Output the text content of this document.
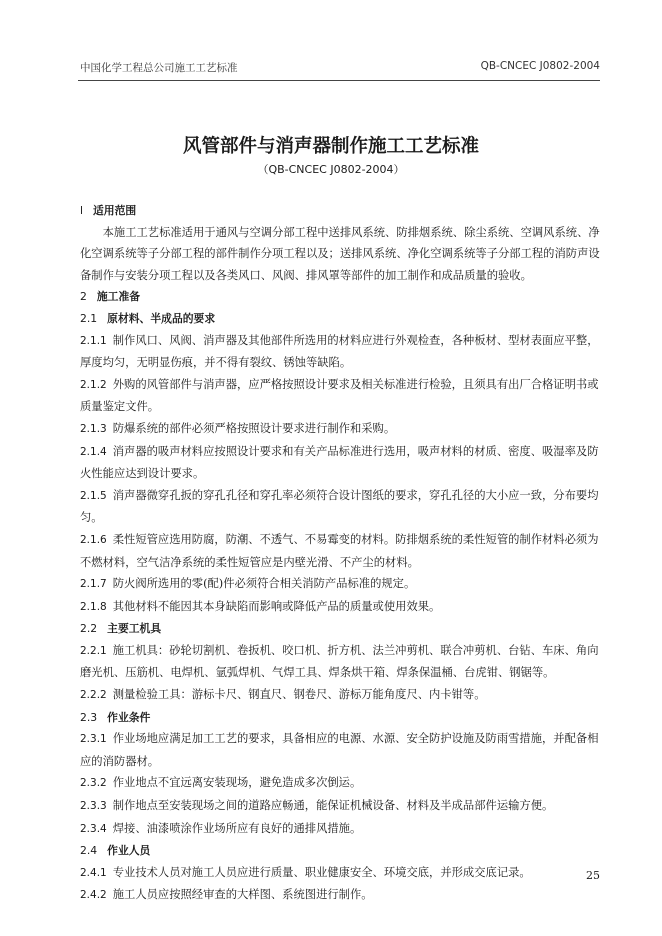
中国化学工程总公司施工工艺标准	QB-CNCEC J0802-2004
风管部件与消声器制作施工工艺标准
（QB-CNCEC J0802-2004）

l 适用范围

本施工工艺标准适用于通风与空调分部工程中送排风系统、防排烟系统、除尘系统、空调风系统、净化空调系统等子分部工程的部件制作分项工程以及；送排风系统、净化空调系统等子分部工程的消防声设备制作与安装分项工程以及各类风口、风阀、排风罩等部件的加工制作和成品质量的验收。

2 施工准备

2.1 原材料、半成品的要求

2.1.1 制作风口、风阀、消声器及其他部件所选用的材料应进行外观检查，各种板材、型材表面应平整，厚度均匀，无明显伤痕，并不得有裂纹、锈蚀等缺陷。

2.1.2 外购的风管部件与消声器，应严格按照设计要求及相关标准进行检验，且须具有出厂合格证明书或质量鉴定文件。

2.1.3 防爆系统的部件必须严格按照设计要求进行制作和采购。

2.1.4 消声器的吸声材料应按照设计要求和有关产品标准进行选用，吸声材料的材质、密度、吸湿率及防火性能应达到设计要求。

2.1.5 消声器微穿孔扳的穿孔孔径和穿孔率必须符合设计图纸的要求，穿孔孔径的大小应一致，分布要均匀。

2.1.6 柔性短管应选用防腐，防潮、不透气、不易霉变的材料。防排烟系统的柔性短管的制作材料必须为不燃材料，空气洁净系统的柔性短管应是内壁光滑、不产尘的材料。

2.1.7 防火阀所选用的零(配)件必须符合相关消防产品标准的规定。

2.1.8 其他材料不能因其本身缺陷而影响或降低产品的质量或使用效果。

2.2 主要工机具

2.2.1 施工机具：砂轮切割机、卷扳机、咬口机、折方机、法兰冲剪机、联合冲剪机、台钻、车床、角向磨光机、压筋机、电焊机、氩弧焊机、气焊工具、焊条烘干箱、焊条保温桶、台虎钳、钢锯等。

2.2.2 测量检验工具：游标卡尺、钢直尺、钢卷尺、游标万能角度尺、内卡钳等。

2.3 作业条件

2.3.1 作业场地应满足加工工艺的要求，具备相应的电源、水源、安全防护设施及防雨雪措施，并配备相应的消防器材。

2.3.2 作业地点不宜远离安装现场，避免造成多次倒运。

2.3.3 制作地点至安装现场之间的道路应畅通，能保证机械设备、材料及半成品部件运输方便。

2.3.4 焊接、油漆喷涂作业场所应有良好的通排风措施。

2.4 作业人员

2.4.1 专业技术人员对施工人员应进行质量、职业健康安全、环境交底，并形成交底记录。

2.4.2 施工人员应按照经审查的大样图、系统图进行制作。

25
